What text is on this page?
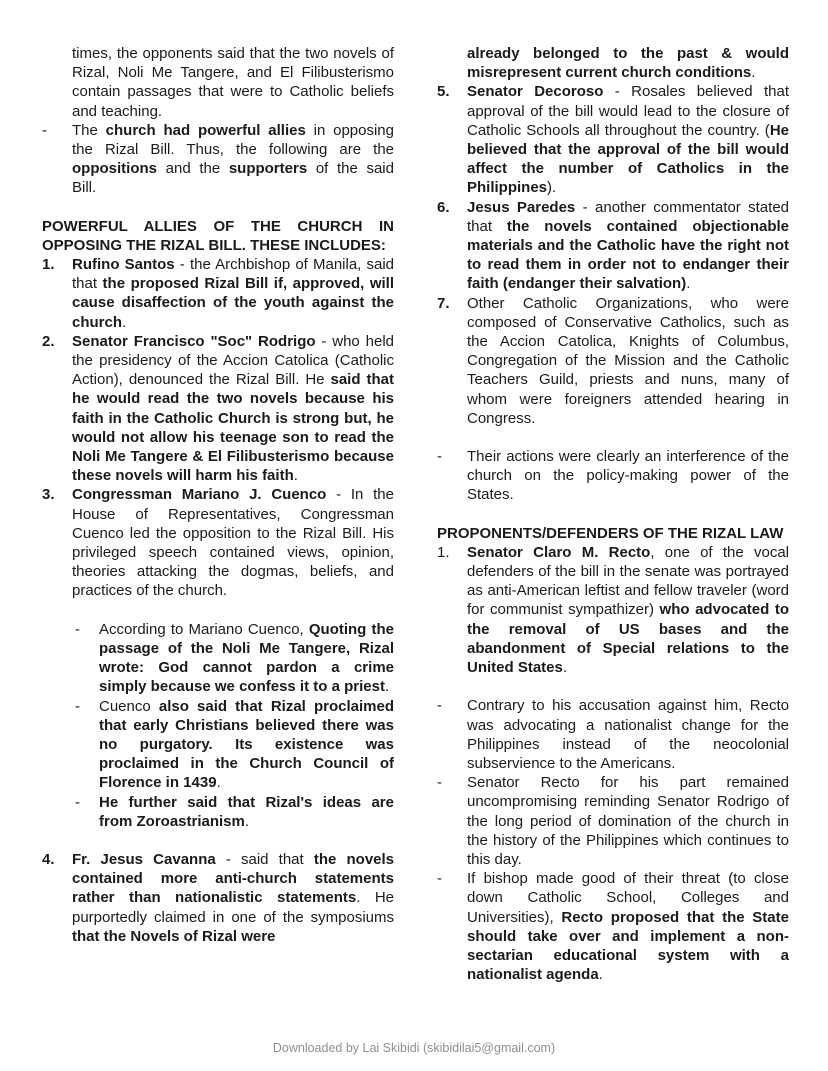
times, the opponents said that the two novels of Rizal, Noli Me Tangere, and El Filibusterismo contain passages that were to Catholic beliefs and teaching.
- The church had powerful allies in opposing the Rizal Bill. Thus, the following are the oppositions and the supporters of the said Bill.
POWERFUL ALLIES OF THE CHURCH IN OPPOSING THE RIZAL BILL. THESE INCLUDES:
1. Rufino Santos - the Archbishop of Manila, said that the proposed Rizal Bill if, approved, will cause disaffection of the youth against the church.
2. Senator Francisco "Soc" Rodrigo - who held the presidency of the Accion Catolica (Catholic Action), denounced the Rizal Bill. He said that he would read the two novels because his faith in the Catholic Church is strong but, he would not allow his teenage son to read the Noli Me Tangere & El Filibusterismo because these novels will harm his faith.
3. Congressman Mariano J. Cuenco - In the House of Representatives, Congressman Cuenco led the opposition to the Rizal Bill. His privileged speech contained views, opinion, theories attacking the dogmas, beliefs, and practices of the church.
- According to Mariano Cuenco, Quoting the passage of the Noli Me Tangere, Rizal wrote: God cannot pardon a crime simply because we confess it to a priest.
- Cuenco also said that Rizal proclaimed that early Christians believed there was no purgatory. Its existence was proclaimed in the Church Council of Florence in 1439.
- He further said that Rizal's ideas are from Zoroastrianism.
4. Fr. Jesus Cavanna - said that the novels contained more anti-church statements rather than nationalistic statements. He purportedly claimed in one of the symposiums that the Novels of Rizal were
already belonged to the past & would misrepresent current church conditions.
5. Senator Decoroso - Rosales believed that approval of the bill would lead to the closure of Catholic Schools all throughout the country. (He believed that the approval of the bill would affect the number of Catholics in the Philippines).
6. Jesus Paredes - another commentator stated that the novels contained objectionable materials and the Catholic have the right not to read them in order not to endanger their faith (endanger their salvation).
7. Other Catholic Organizations, who were composed of Conservative Catholics, such as the Accion Catolica, Knights of Columbus, Congregation of the Mission and the Catholic Teachers Guild, priests and nuns, many of whom were foreigners attended hearing in Congress.
- Their actions were clearly an interference of the church on the policy-making power of the States.
PROPONENTS/DEFENDERS OF THE RIZAL LAW
1. Senator Claro M. Recto, one of the vocal defenders of the bill in the senate was portrayed as anti-American leftist and fellow traveler (word for communist sympathizer) who advocated to the removal of US bases and the abandonment of Special relations to the United States.
- Contrary to his accusation against him, Recto was advocating a nationalist change for the Philippines instead of the neocolonial subservience to the Americans.
- Senator Recto for his part remained uncompromising reminding Senator Rodrigo of the long period of domination of the church in the history of the Philippines which continues to this day.
- If bishop made good of their threat (to close down Catholic School, Colleges and Universities), Recto proposed that the State should take over and implement a non-sectarian educational system with a nationalist agenda.
Downloaded by Lai Skibidi (skibidilai5@gmail.com)
